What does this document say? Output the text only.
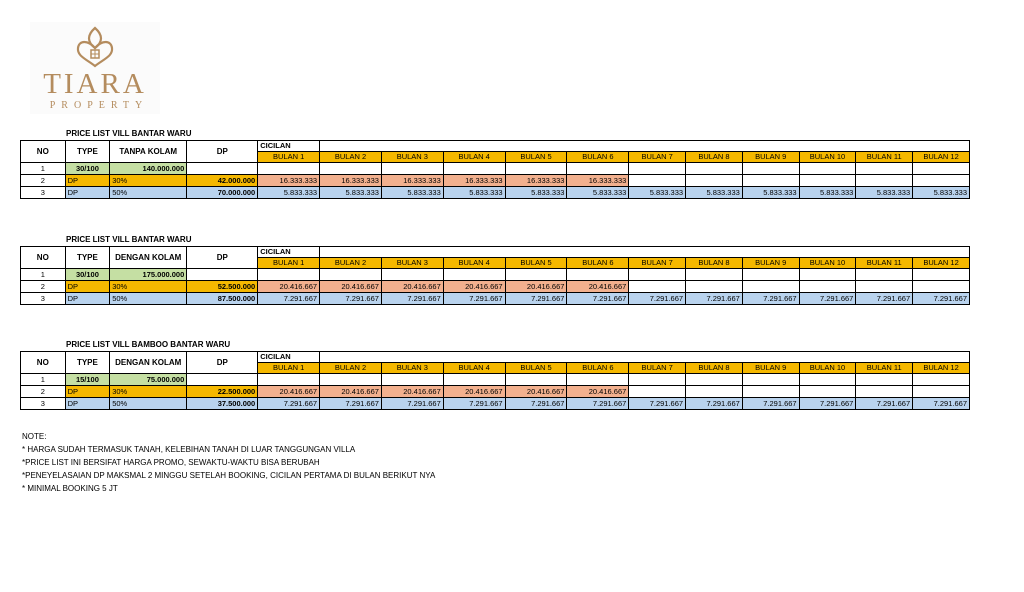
TIARA
PROPERTY
PRICE LIST VILL BANTAR WARU
NO	TYPE	TANPA KOLAM	DP	CICILAN											
				BULAN 1	BULAN 2	BULAN 3	BULAN 4	BULAN 5	BULAN 6	BULAN 7	BULAN 8	BULAN 9	BULAN 10	BULAN 11	BULAN 12
1	30/100	140.000.000													
2	DP	30%	42.000.000	16.333.333	16.333.333	16.333.333	16.333.333	16.333.333	16.333.333						
3	DP	50%	70.000.000	5.833.333	5.833.333	5.833.333	5.833.333	5.833.333	5.833.333	5.833.333	5.833.333	5.833.333	5.833.333	5.833.333	5.833.333
PRICE LIST VILL BANTAR WARU
NO	TYPE	DENGAN KOLAM	DP	CICILAN											
				BULAN 1	BULAN 2	BULAN 3	BULAN 4	BULAN 5	BULAN 6	BULAN 7	BULAN 8	BULAN 9	BULAN 10	BULAN 11	BULAN 12
1	30/100	175.000.000													
2	DP	30%	52.500.000	20.416.667	20.416.667	20.416.667	20.416.667	20.416.667	20.416.667						
3	DP	50%	87.500.000	7.291.667	7.291.667	7.291.667	7.291.667	7.291.667	7.291.667	7.291.667	7.291.667	7.291.667	7.291.667	7.291.667	7.291.667
PRICE LIST VILL BAMBOO BANTAR WARU
NO	TYPE	DENGAN KOLAM	DP	CICILAN											
				BULAN 1	BULAN 2	BULAN 3	BULAN 4	BULAN 5	BULAN 6	BULAN 7	BULAN 8	BULAN 9	BULAN 10	BULAN 11	BULAN 12
1	15/100	75.000.000													
2	DP	30%	22.500.000	20.416.667	20.416.667	20.416.667	20.416.667	20.416.667	20.416.667						
3	DP	50%	37.500.000	7.291.667	7.291.667	7.291.667	7.291.667	7.291.667	7.291.667	7.291.667	7.291.667	7.291.667	7.291.667	7.291.667	7.291.667
NOTE:
* HARGA SUDAH TERMASUK TANAH, KELEBIHAN TANAH DI LUAR TANGGUNGAN VILLA
*PRICE LIST INI BERSIFAT HARGA PROMO, SEWAKTU-WAKTU BISA BERUBAH
*PENEYELASAIAN DP MAKSMAL 2 MINGGU SETELAH BOOKING, CICILAN PERTAMA DI BULAN BERIKUT NYA
* MINIMAL BOOKING 5 JT
